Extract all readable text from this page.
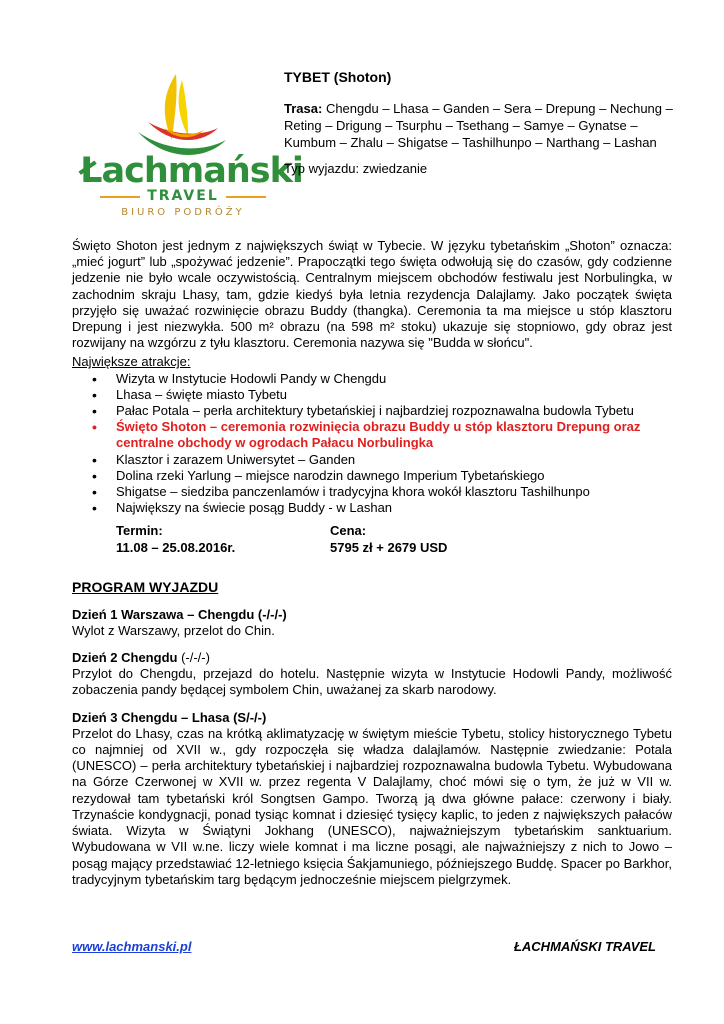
Łachmański
TRAVEL
BIURO PODRÓŻY
TYBET (Shoton)
Trasa: Chengdu – Lhasa – Ganden – Sera – Drepung – Nechung – Reting – Drigung – Tsurphu – Tsethang – Samye – Gynatse – Kumbum – Zhalu – Shigatse – Tashilhunpo – Narthang – Lashan
Typ wyjazdu: zwiedzanie

Święto Shoton jest jednym z największych świąt w Tybecie. W języku tybetańskim „Shoton” oznacza: „mieć jogurt” lub „spożywać jedzenie”. Prapoczątki tego święta odwołują się do czasów, gdy codzienne jedzenie nie było wcale oczywistością. Centralnym miejscem obchodów festiwalu jest Norbulingka, w zachodnim skraju Lhasy, tam, gdzie kiedyś była letnia rezydencja Dalajlamy. Jako początek święta przyjęło się uważać rozwinięcie obrazu Buddy (thangka). Ceremonia ta ma miejsce u stóp klasztoru Drepung i jest niezwykła. 500 m² obrazu (na 598 m² stoku) ukazuje się stopniowo, gdy obraz jest rozwijany na wzgórzu z tyłu klasztoru. Ceremonia nazywa się "Budda w słońcu".

Największe atrakcje:

• Wizyta w Instytucie Hodowli Pandy w Chengdu
• Lhasa – święte miasto Tybetu
• Pałac Potala – perła architektury tybetańskiej i najbardziej rozpoznawalna budowla Tybetu
• Święto Shoton – ceremonia rozwinięcia obrazu Buddy u stóp klasztoru Drepung oraz centralne obchody w ogrodach Pałacu Norbulingka
• Klasztor i zarazem Uniwersytet – Ganden
• Dolina rzeki Yarlung – miejsce narodzin dawnego Imperium Tybetańskiego
• Shigatse – siedziba panczenlamów i tradycyjna khora wokół klasztoru Tashilhunpo
• Największy na świecie posąg Buddy - w Lashan
Termin:
11.08 – 25.08.2016r.
Cena:
5795 zł + 2679 USD

PROGRAM WYJAZDU

Dzień 1 Warszawa – Chengdu (-/-/-)
Wylot z Warszawy, przelot do Chin.
Dzień 2 Chengdu (-/-/-)
Przylot do Chengdu, przejazd do hotelu. Następnie wizyta w Instytucie Hodowli Pandy, możliwość zobaczenia pandy będącej symbolem Chin, uważanej za skarb narodowy.
Dzień 3 Chengdu – Lhasa (S/-/-)
Przelot do Lhasy, czas na krótką aklimatyzację w świętym mieście Tybetu, stolicy historycznego Tybetu co najmniej od XVII w., gdy rozpoczęła się władza dalajlamów. Następnie zwiedzanie: Potala (UNESCO) – perła architektury tybetańskiej i najbardziej rozpoznawalna budowla Tybetu. Wybudowana na Górze Czerwonej w XVII w. przez regenta V Dalajlamy, choć mówi się o tym, że już w VII w. rezydował tam tybetański król Songtsen Gampo. Tworzą ją dwa główne pałace: czerwony i biały. Trzynaście kondygnacji, ponad tysiąc komnat i dziesięć tysięcy kaplic, to jeden z największych pałaców świata. Wizyta w Świątyni Jokhang (UNESCO), najważniejszym tybetańskim sanktuarium. Wybudowana w VII w.ne. liczy wiele komnat i ma liczne posągi, ale najważniejszy z nich to Jowo – posąg mający przedstawiać 12-letniego księcia Śakjamuniego, późniejszego Buddę. Spacer po Barkhor, tradycyjnym tybetańskim targ będącym jednocześnie miejscem pielgrzymek.
www.lachmanski.pl	ŁACHMAŃSKI TRAVEL
